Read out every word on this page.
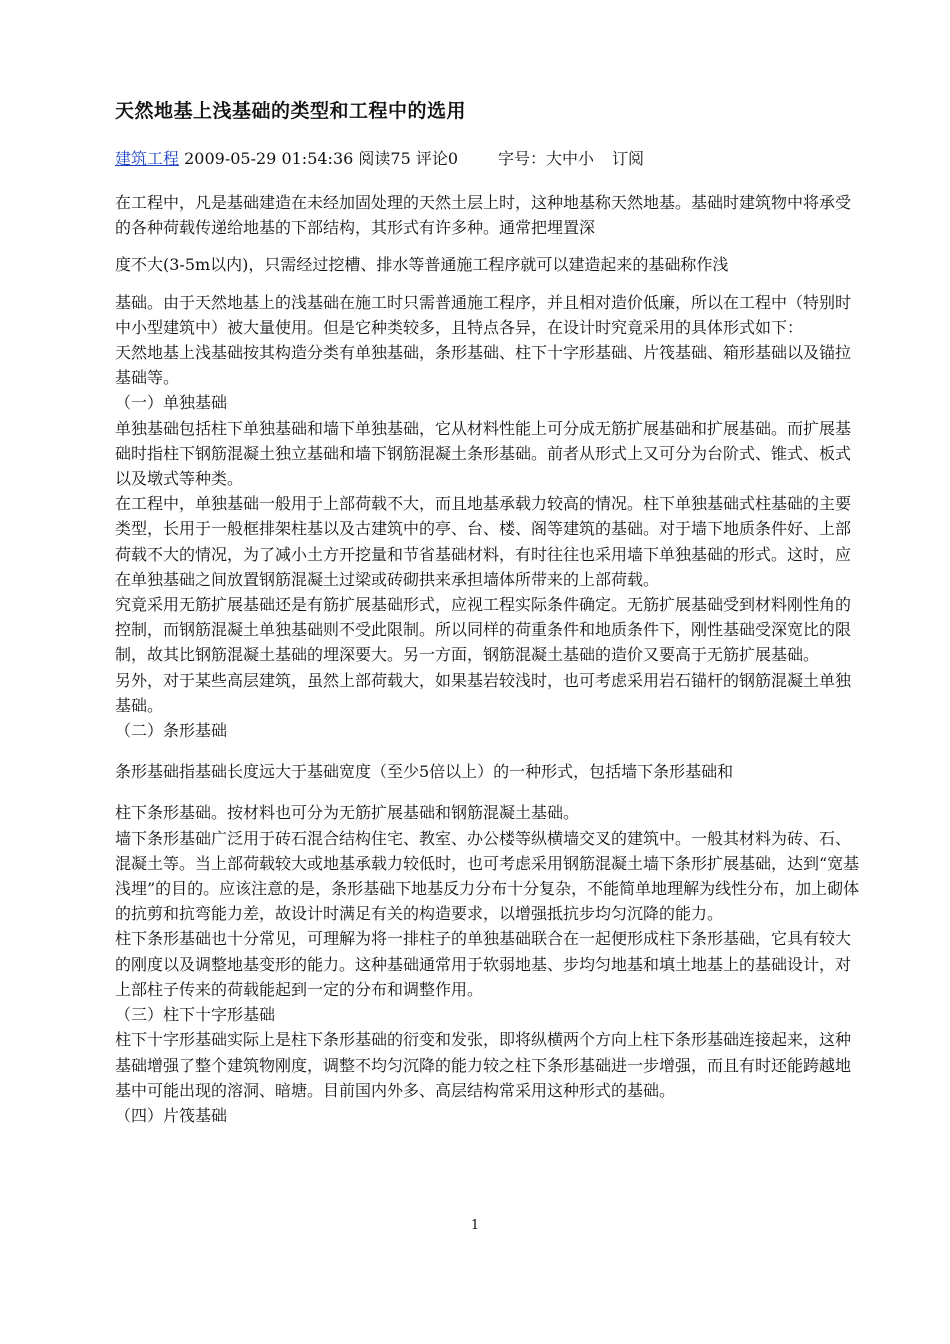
天然地基上浅基础的类型和工程中的选用
建筑工程 2009-05-29 01:54:36 阅读75 评论0	字号：大中小 订阅

在工程中，凡是基础建造在未经加固处理的天然土层上时，这种地基称天然地基。基础时建筑物中将承受的各种荷载传递给地基的下部结构，其形式有许多种。通常把埋置深

度不大(3-5m以内)，只需经过挖槽、排水等普通施工程序就可以建造起来的基础称作浅

基础。由于天然地基上的浅基础在施工时只需普通施工程序，并且相对造价低廉，所以在工程中（特别时中小型建筑中）被大量使用。但是它种类较多，且特点各异，在设计时究竟采用的具体形式如下：

天然地基上浅基础按其构造分类有单独基础，条形基础、柱下十字形基础、片筏基础、箱形基础以及锚拉基础等。

（一）单独基础

单独基础包括柱下单独基础和墙下单独基础，它从材料性能上可分成无筋扩展基础和扩展基础。而扩展基础时指柱下钢筋混凝土独立基础和墙下钢筋混凝土条形基础。前者从形式上又可分为台阶式、锥式、板式以及墩式等种类。

在工程中，单独基础一般用于上部荷载不大，而且地基承载力较高的情况。柱下单独基础式柱基础的主要类型，长用于一般框排架柱基以及古建筑中的亭、台、楼、阁等建筑的基础。对于墙下地质条件好、上部荷载不大的情况，为了减小土方开挖量和节省基础材料，有时往往也采用墙下单独基础的形式。这时，应在单独基础之间放置钢筋混凝土过梁或砖砌拱来承担墙体所带来的上部荷载。

究竟采用无筋扩展基础还是有筋扩展基础形式，应视工程实际条件确定。无筋扩展基础受到材料刚性角的控制，而钢筋混凝土单独基础则不受此限制。所以同样的荷重条件和地质条件下，刚性基础受深宽比的限制，故其比钢筋混凝土基础的埋深要大。另一方面，钢筋混凝土基础的造价又要高于无筋扩展基础。

另外，对于某些高层建筑，虽然上部荷载大，如果基岩较浅时，也可考虑采用岩石锚杆的钢筋混凝土单独基础。

（二）条形基础

条形基础指基础长度远大于基础宽度（至少5倍以上）的一种形式，包括墙下条形基础和

柱下条形基础。按材料也可分为无筋扩展基础和钢筋混凝土基础。

墙下条形基础广泛用于砖石混合结构住宅、教室、办公楼等纵横墙交叉的建筑中。一般其材料为砖、石、混凝土等。当上部荷载较大或地基承载力较低时，也可考虑采用钢筋混凝土墙下条形扩展基础，达到“宽基浅埋”的目的。应该注意的是，条形基础下地基反力分布十分复杂，不能简单地理解为线性分布，加上砌体的抗剪和抗弯能力差，故设计时满足有关的构造要求，以增强抵抗步均匀沉降的能力。

柱下条形基础也十分常见，可理解为将一排柱子的单独基础联合在一起便形成柱下条形基础，它具有较大的刚度以及调整地基变形的能力。这种基础通常用于软弱地基、步均匀地基和填土地基上的基础设计，对上部柱子传来的荷载能起到一定的分布和调整作用。

（三）柱下十字形基础

柱下十字形基础实际上是柱下条形基础的衍变和发张，即将纵横两个方向上柱下条形基础连接起来，这种基础增强了整个建筑物刚度，调整不均匀沉降的能力较之柱下条形基础进一步增强，而且有时还能跨越地基中可能出现的溶洞、暗塘。目前国内外多、高层结构常采用这种形式的基础。

（四）片筏基础

1
